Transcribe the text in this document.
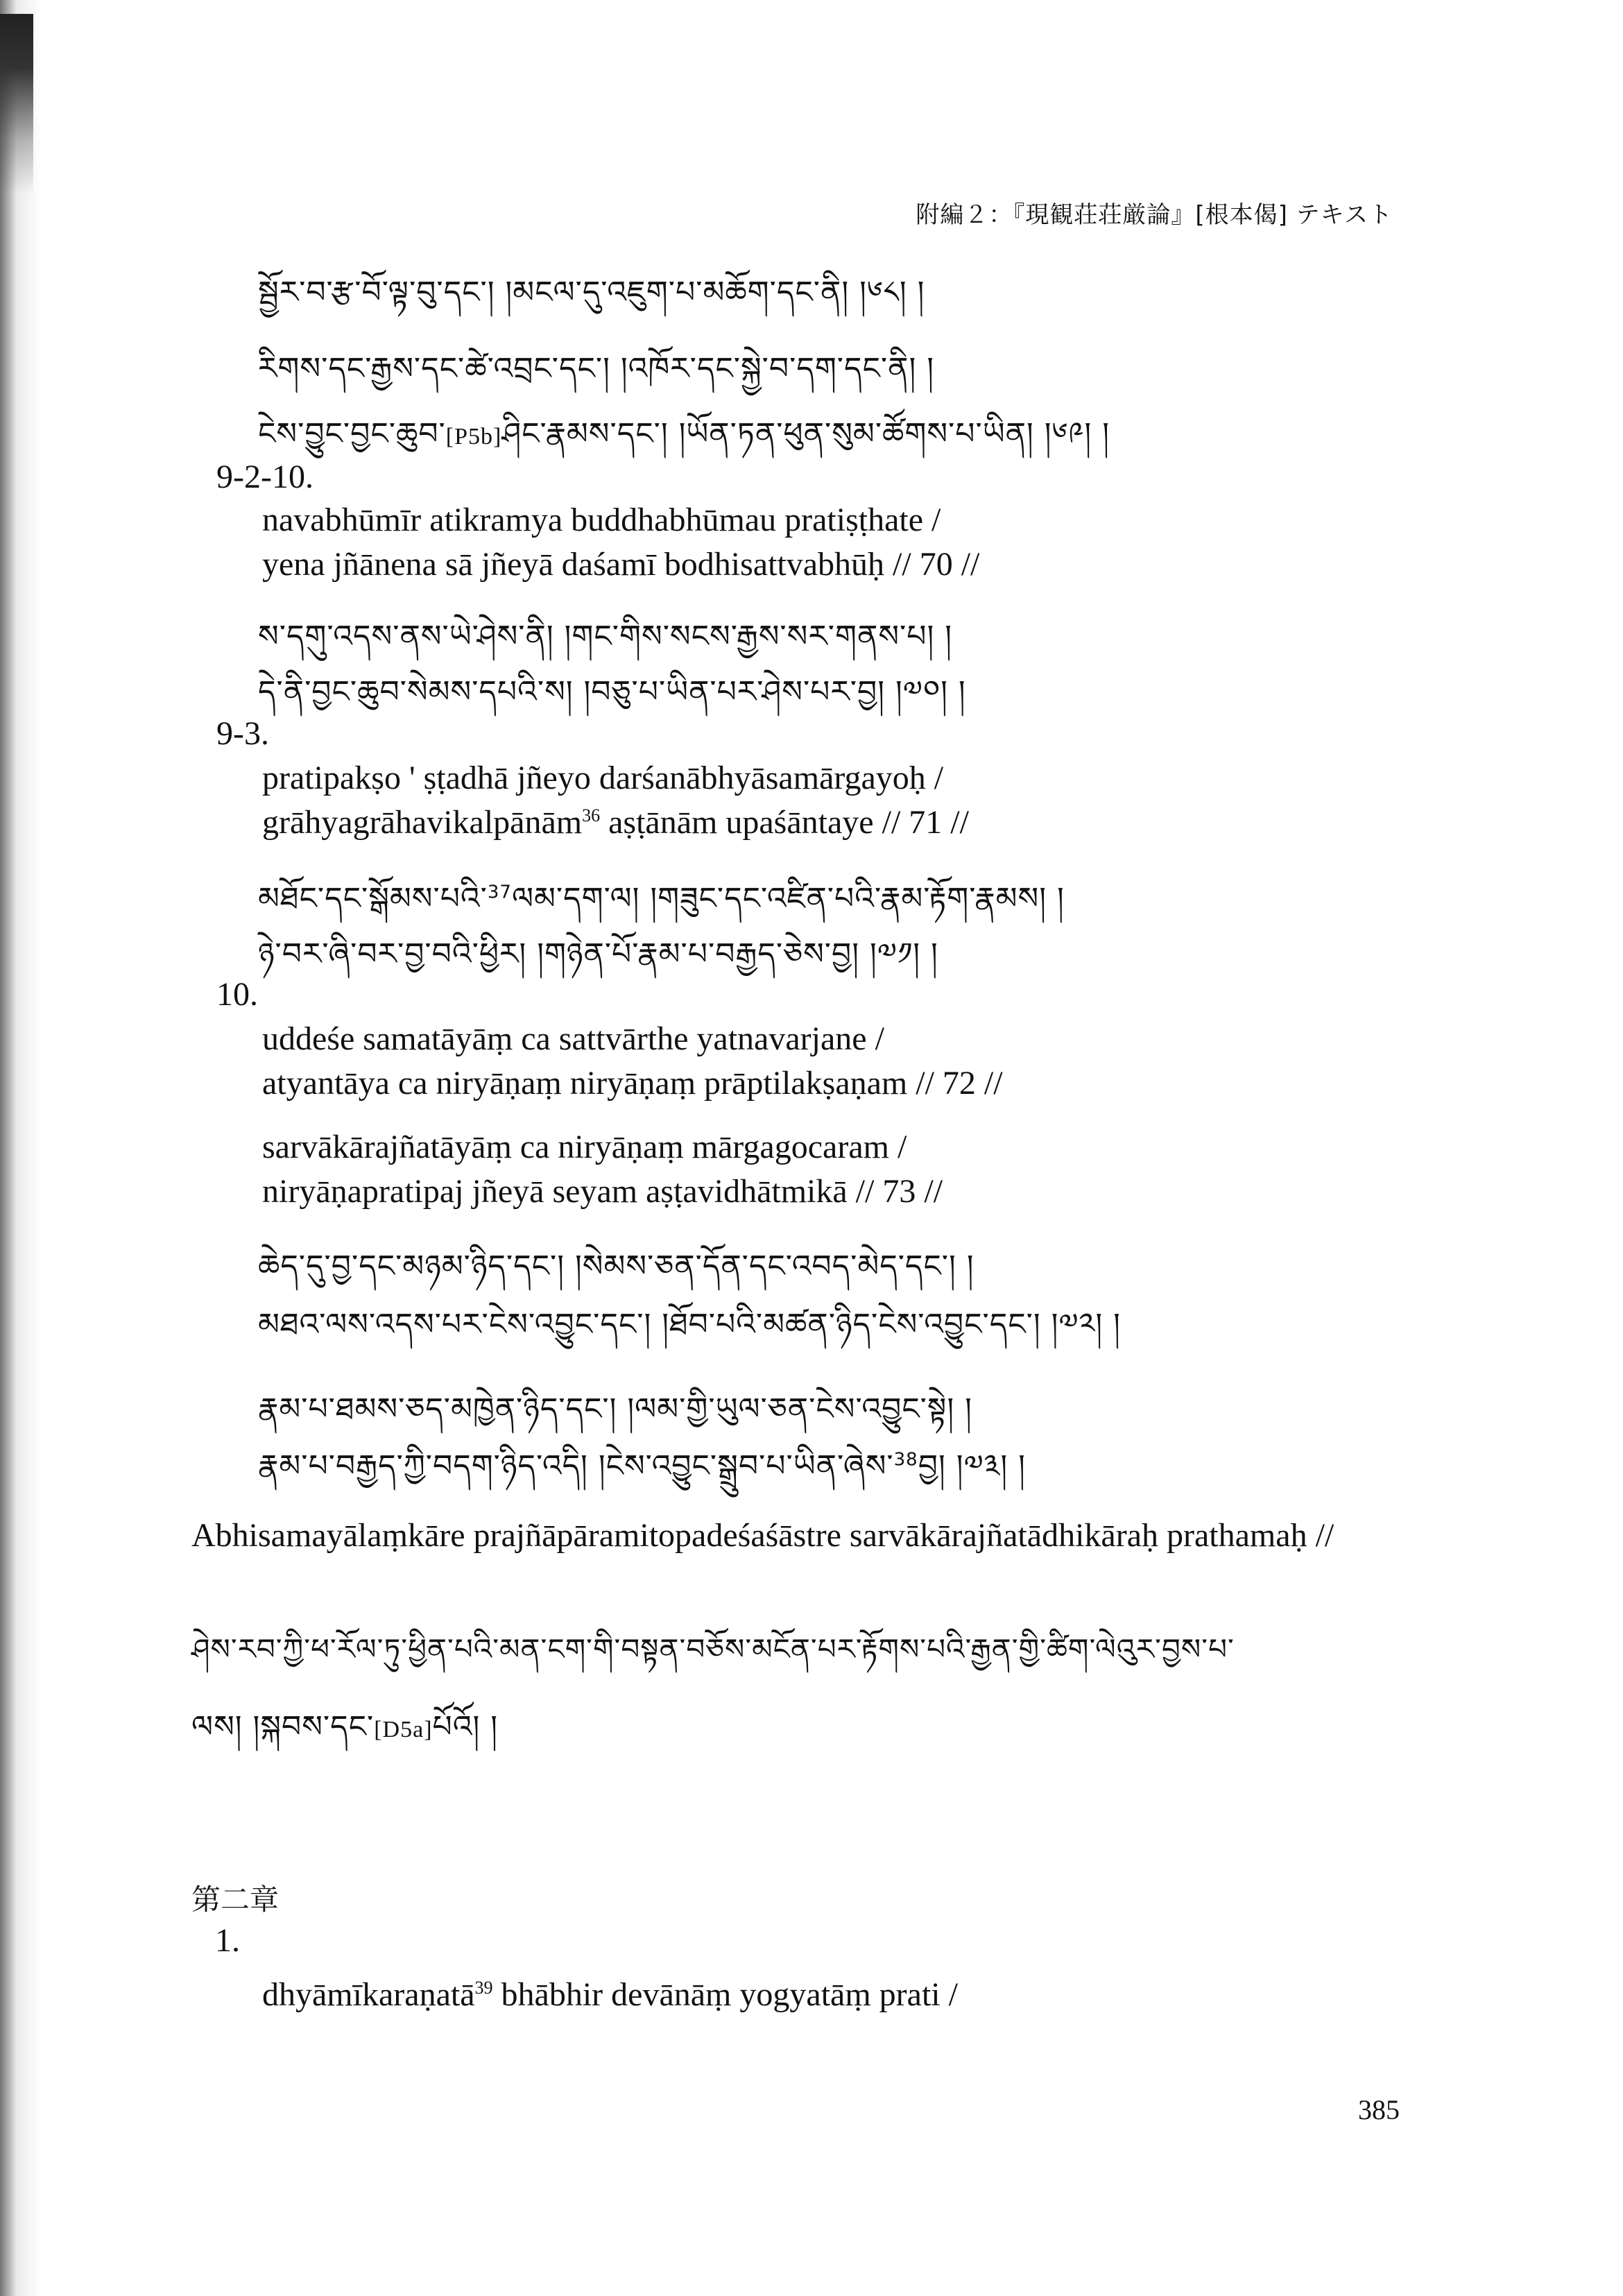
附編２：『現観荘荘厳論』[根本偈] テキスト
སྦྱོར་བ་རྩ་བོ་ལྟ་བུ་དང་། །མངལ་དུ་འཇུག་པ་མཆོག་དང་ནི། །༦༨། །
རིགས་དང་རྒྱས་དང་ཚེ་འབྲང་དང་། །འཁོར་དང་སྐྱེ་བ་དག་དང་ནི། །
ངེས་བྱུང་བྱང་ཆུབ་[P5b]ཤིང་རྣམས་དང་། །ཡོན་ཏན་ཕུན་སུམ་ཚོགས་པ་ཡིན། །༦༩། །
9-2-10.
navabhūmīr atikramya buddhabhūmau pratiṣṭhate /
yena jñānena sā jñeyā daśamī bodhisattvabhūḥ // 70 //
ས་དགུ་འདས་ནས་ཡེ་ཤེས་ནི། །གང་གིས་སངས་རྒྱས་སར་གནས་པ། །
དེ་ནི་བྱང་ཆུབ་སེམས་དཔའི་ས། །བཅུ་པ་ཡིན་པར་ཤེས་པར་བྱ། །༧༠། །
9-3.
pratipakṣo ' ṣṭadhā jñeyo darśanābhyāsamārgayoḥ /
grāhyagrāhavikalpānām$^{36}$ aṣṭānām upaśāntaye // 71 //
མཐོང་དང་སྒོམས་པའི་$^{37}$ལམ་དག་ལ། །གཟུང་དང་འཛིན་པའི་རྣམ་རྟོག་རྣམས། །
ཉེ་བར་ཞི་བར་བྱ་བའི་ཕྱིར། །གཉེན་པོ་རྣམ་པ་བརྒྱད་ཅེས་བྱ། །༧༡། །
10.
uddeśe samatāyāṃ ca sattvārthe yatnavarjane /
atyantāya ca niryāṇaṃ niryāṇaṃ prāptilakṣaṇam // 72 //
sarvākārajñatāyāṃ ca niryāṇaṃ mārgagocaram /
niryāṇapratipaj jñeyā seyam aṣṭavidhātmikā // 73 //
ཆེད་དུ་བྱ་དང་མཉམ་ཉིད་དང་། །སེམས་ཅན་དོན་དང་འབད་མེད་དང་། །
མཐའ་ལས་འདས་པར་ངེས་འབྱུང་དང་། །ཐོབ་པའི་མཚན་ཉིད་ངེས་འབྱུང་དང་། །༧༢། །
རྣམ་པ་ཐམས་ཅད་མཁྱེན་ཉིད་དང་། །ལམ་གྱི་ཡུལ་ཅན་ངེས་འབྱུང་སྟེ། །
རྣམ་པ་བརྒྱད་ཀྱི་བདག་ཉིད་འདི། །ངེས་འབྱུང་སྒྲུབ་པ་ཡིན་ཞེས་$^{38}$བྱ། །༧༣། །
Abhisamayālaṃkāre prajñāpāramitopadeśaśāstre sarvākārajñatādhikāraḥ prathamaḥ //
ཤེས་རབ་ཀྱི་ཕ་རོལ་ཏུ་ཕྱིན་པའི་མན་ངག་གི་བསྟན་བཅོས་མངོན་པར་རྟོགས་པའི་རྒྱན་གྱི་ཚིག་ལེའུར་བྱས་པ་
ལས། །སྐབས་དང་[D5a]པོའོ། །
第二章
1.
dhyāmīkaraṇatā$^{39}$ bhābhir devānāṃ yogyatāṃ prati /
385
